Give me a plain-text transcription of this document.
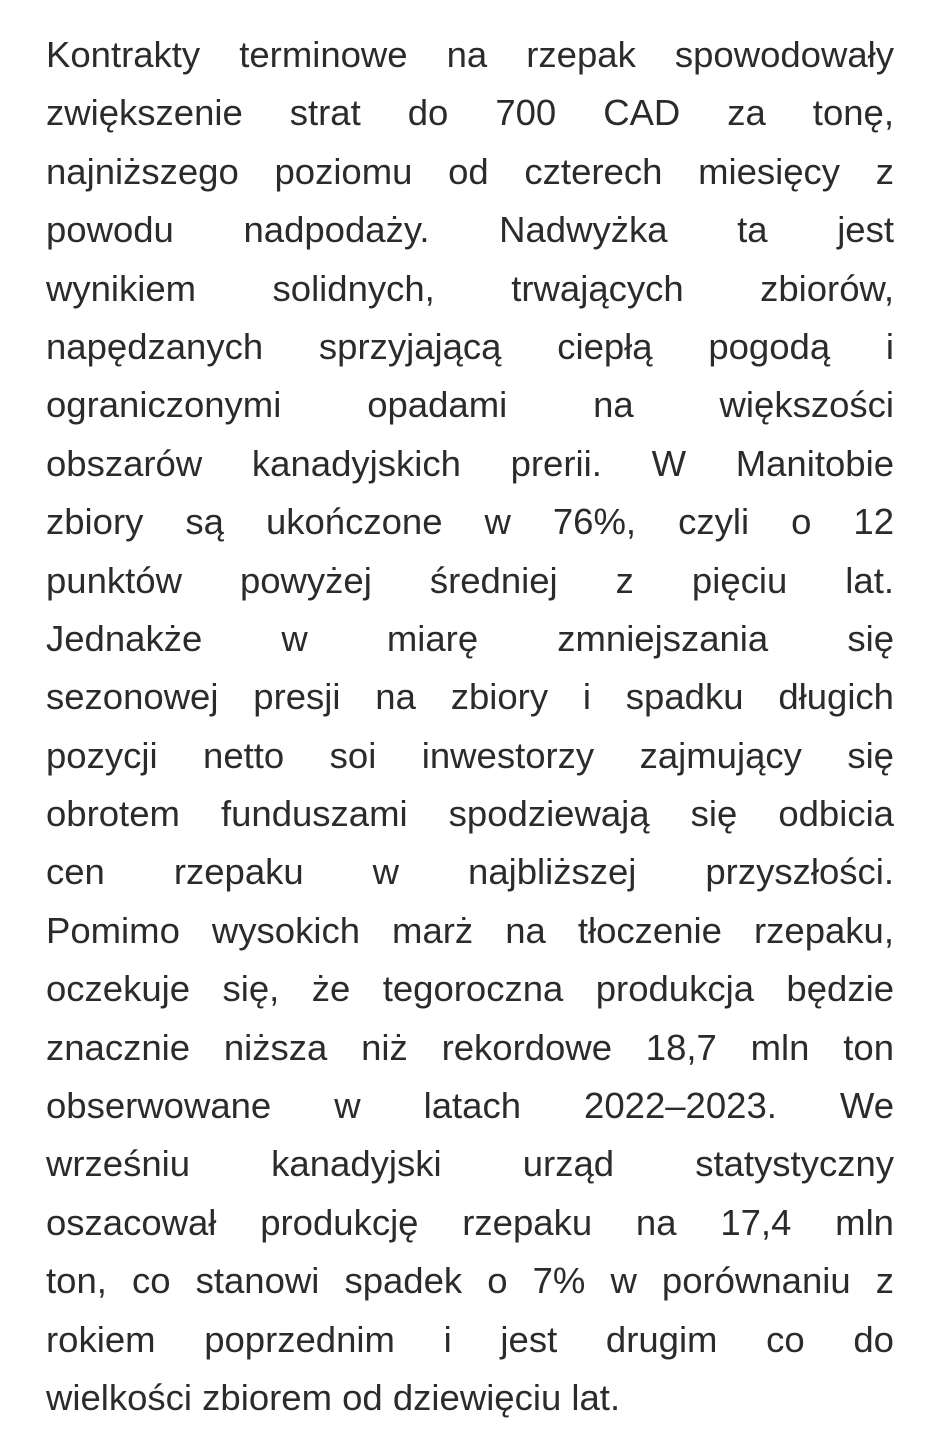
Kontrakty terminowe na rzepak spowodowały
zwiększenie strat do 700 CAD za tonę,
najniższego poziomu od czterech miesięcy z
powodu nadpodaży. Nadwyżka ta jest
wynikiem solidnych, trwających zbiorów,
napędzanych sprzyjającą ciepłą pogodą i
ograniczonymi opadami na większości
obszarów kanadyjskich prerii. W Manitobie
zbiory są ukończone w 76%, czyli o 12
punktów powyżej średniej z pięciu lat.
Jednakże w miarę zmniejszania się
sezonowej presji na zbiory i spadku długich
pozycji netto soi inwestorzy zajmujący się
obrotem funduszami spodziewają się odbicia
cen rzepaku w najbliższej przyszłości.
Pomimo wysokich marż na tłoczenie rzepaku,
oczekuje się, że tegoroczna produkcja będzie
znacznie niższa niż rekordowe 18,7 mln ton
obserwowane w latach 2022–2023. We
wrześniu kanadyjski urząd statystyczny
oszacował produkcję rzepaku na 17,4 mln
ton, co stanowi spadek o 7% w porównaniu z
rokiem poprzednim i jest drugim co do
wielkości zbiorem od dziewięciu lat.
